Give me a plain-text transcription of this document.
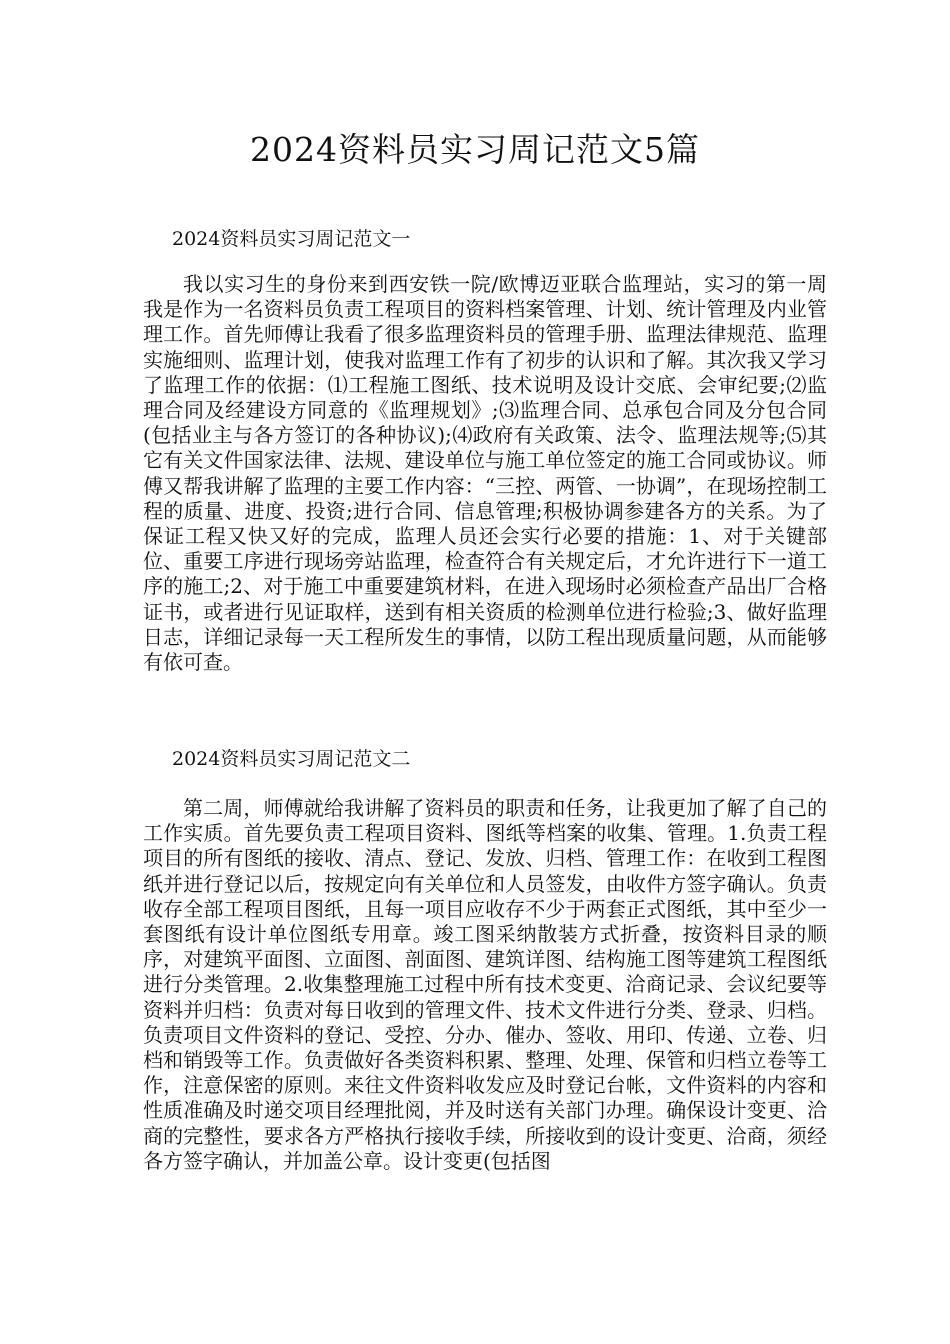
2024资料员实习周记范文5篇
2024资料员实习周记范文一

我以实习生的身份来到西安铁一院/欧博迈亚联合监理站，实习的第一周我是作为一名资料员负责工程项目的资料档案管理、计划、统计管理及内业管理工作。首先师傅让我看了很多监理资料员的管理手册、监理法律规范、监理实施细则、监理计划，使我对监理工作有了初步的认识和了解。其次我又学习了监理工作的依据：⑴工程施工图纸、技术说明及设计交底、会审纪要;⑵监理合同及经建设方同意的《监理规划》;⑶监理合同、总承包合同及分包合同(包括业主与各方签订的各种协议);⑷政府有关政策、法令、监理法规等;⑸其它有关文件国家法律、法规、建设单位与施工单位签定的施工合同或协议。师傅又帮我讲解了监理的主要工作内容：“三控、两管、一协调”，在现场控制工程的质量、进度、投资;进行合同、信息管理;积极协调参建各方的关系。为了保证工程又快又好的完成，监理人员还会实行必要的措施：1、对于关键部位、重要工序进行现场旁站监理，检查符合有关规定后，才允许进行下一道工序的施工;2、对于施工中重要建筑材料，在进入现场时必须检查产品出厂合格证书，或者进行见证取样，送到有相关资质的检测单位进行检验;3、做好监理日志，详细记录每一天工程所发生的事情，以防工程出现质量问题，从而能够有依可查。

2024资料员实习周记范文二

第二周，师傅就给我讲解了资料员的职责和任务，让我更加了解了自己的工作实质。首先要负责工程项目资料、图纸等档案的收集、管理。1.负责工程项目的所有图纸的接收、清点、登记、发放、归档、管理工作：在收到工程图纸并进行登记以后，按规定向有关单位和人员签发，由收件方签字确认。负责收存全部工程项目图纸，且每一项目应收存不少于两套正式图纸，其中至少一套图纸有设计单位图纸专用章。竣工图采纳散装方式折叠，按资料目录的顺序，对建筑平面图、立面图、剖面图、建筑详图、结构施工图等建筑工程图纸进行分类管理。2.收集整理施工过程中所有技术变更、洽商记录、会议纪要等资料并归档：负责对每日收到的管理文件、技术文件进行分类、登录、归档。负责项目文件资料的登记、受控、分办、催办、签收、用印、传递、立卷、归档和销毁等工作。负责做好各类资料积累、整理、处理、保管和归档立卷等工作，注意保密的原则。来往文件资料收发应及时登记台帐，文件资料的内容和性质准确及时递交项目经理批阅，并及时送有关部门办理。确保设计变更、洽商的完整性，要求各方严格执行接收手续，所接收到的设计变更、洽商，须经各方签字确认，并加盖公章。设计变更(包括图
